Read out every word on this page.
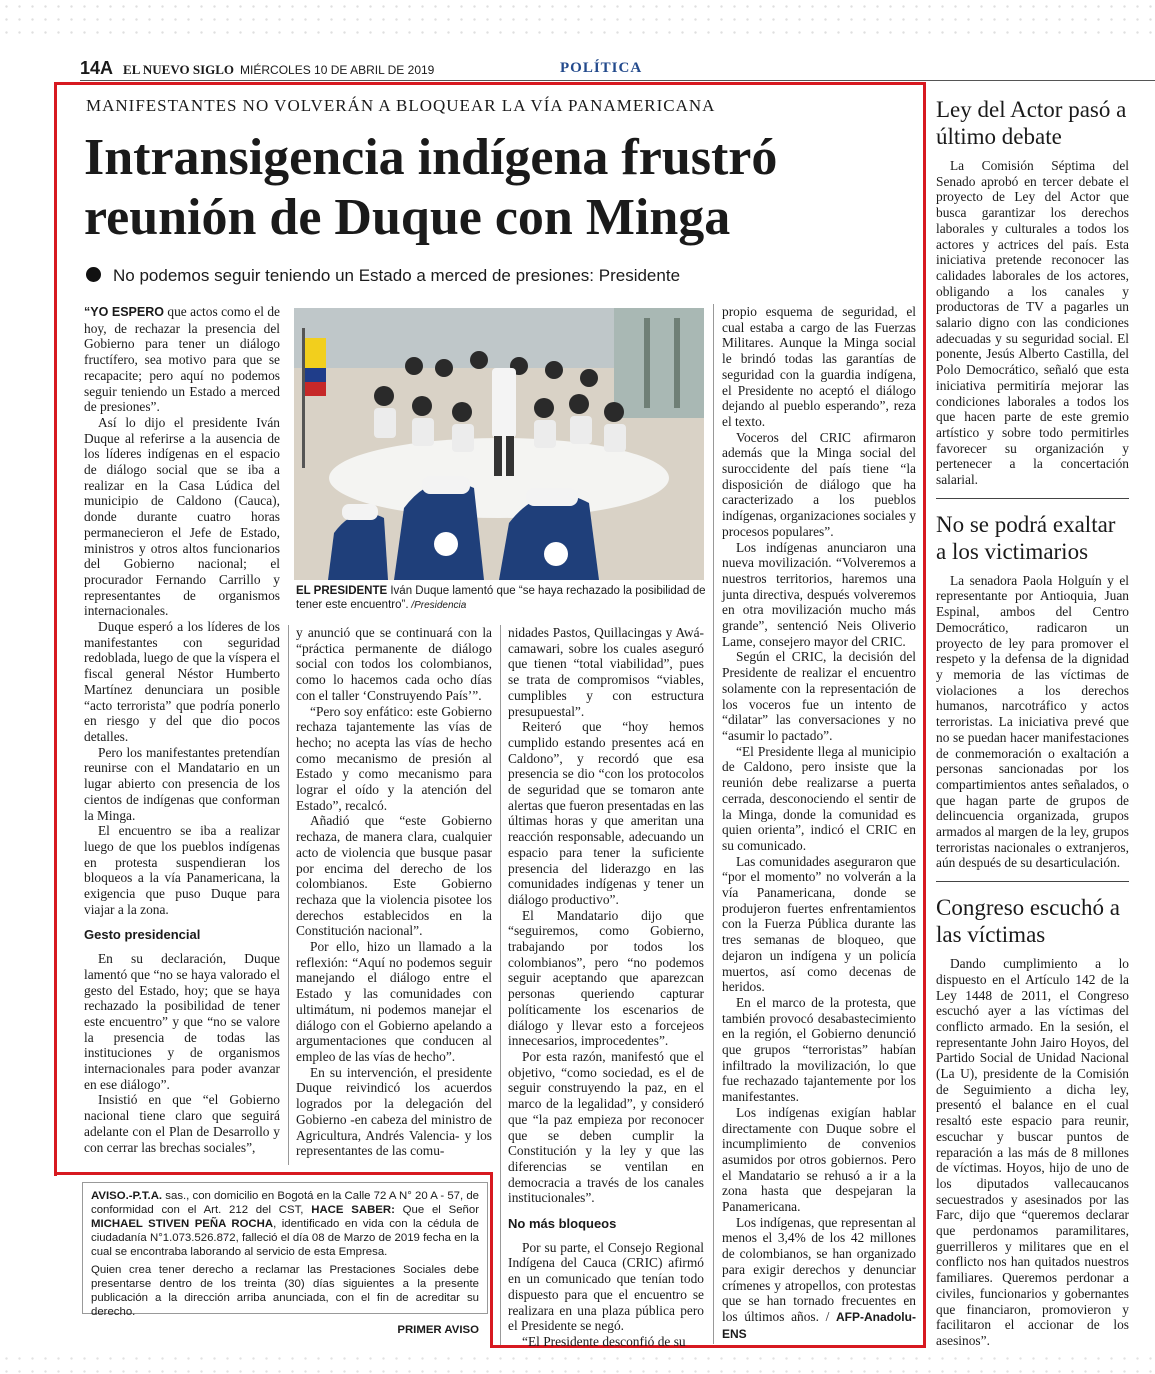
14A EL NUEVO SIGLO MIÉRCOLES 10 DE ABRIL DE 2019	POLÍTICA
MANIFESTANTES NO VOLVERÁN A BLOQUEAR LA VÍA PANAMERICANA
Intransigencia indígena frustró reunión de Duque con Minga
No podemos seguir teniendo un Estado a merced de presiones: Presidente

“YO ESPERO que actos como el de hoy, de rechazar la presencia del Gobierno para tener un diálogo fructífero, sea motivo para que se recapacite; pero aquí no podemos seguir teniendo un Estado a merced de presiones”.

Así lo dijo el presidente Iván Duque al referirse a la ausencia de los líderes indígenas en el espacio de diálogo social que se iba a realizar en la Casa Lúdica del municipio de Caldono (Cauca), donde durante cuatro horas permanecieron el Jefe de Estado, ministros y otros altos funcionarios del Gobierno nacional; el procurador Fernando Carrillo y representantes de organismos internacionales.

Duque esperó a los líderes de los manifestantes con seguridad redoblada, luego de que la víspera el fiscal general Néstor Humberto Martínez denunciara un posible “acto terrorista” que podría ponerlo en riesgo y del que dio pocos detalles.

Pero los manifestantes pretendían reunirse con el Mandatario en un lugar abierto con presencia de los cientos de indígenas que conforman la Minga.

El encuentro se iba a realizar luego de que los pueblos indígenas en protesta suspendieran los bloqueos a la vía Panamericana, la exigencia que puso Duque para viajar a la zona.

Gesto presidencial

En su declaración, Duque lamentó que “no se haya valorado el gesto del Estado, hoy; que se haya rechazado la posibilidad de tener este encuentro” y que “no se valore la presencia de todas las instituciones y de organismos internacionales para poder avanzar en ese diálogo”.

Insistió en que “el Gobierno nacional tiene claro que seguirá adelante con el Plan de Desarrollo y con cerrar las brechas sociales”,

EL PRESIDENTE Iván Duque lamentó que “se haya rechazado la posibilidad de tener este encuentro”. /Presidencia

y anunció que se continuará con la “práctica permanente de diálogo social con todos los colombianos, como lo hacemos cada ocho días con el taller ‘Construyendo País’”.

“Pero soy enfático: este Gobierno rechaza tajantemente las vías de hecho; no acepta las vías de hecho como mecanismo de presión al Estado y como mecanismo para lograr el oído y la atención del Estado”, recalcó.

Añadió que “este Gobierno rechaza, de manera clara, cualquier acto de violencia que busque pasar por encima del derecho de los colombianos. Este Gobierno rechaza que la violencia pisotee los derechos establecidos en la Constitución nacional”.

Por ello, hizo un llamado a la reflexión: “Aquí no podemos seguir manejando el diálogo entre el Estado y las comunidades con ultimátum, ni podemos manejar el diálogo con el Gobierno apelando a argumentaciones que conducen al empleo de las vías de hecho”.

En su intervención, el presidente Duque reivindicó los acuerdos logrados por la delegación del Gobierno -en cabeza del ministro de Agricultura, Andrés Valencia- y los representantes de las comu-

nidades Pastos, Quillacingas y Awá-camawari, sobre los cuales aseguró que tienen “total viabilidad”, pues se trata de compromisos “viables, cumplibles y con estructura presupuestal”.

Reiteró que “hoy hemos cumplido estando presentes acá en Caldono”, y recordó que esa presencia se dio “con los protocolos de seguridad que se tomaron ante alertas que fueron presentadas en las últimas horas y que ameritan una reacción responsable, adecuando un espacio para tener la suficiente presencia del liderazgo en las comunidades indígenas y tener un diálogo productivo”.

El Mandatario dijo que “seguiremos, como Gobierno, trabajando por todos los colombianos”, pero “no podemos seguir aceptando que aparezcan personas queriendo capturar políticamente los escenarios de diálogo y llevar esto a forcejeos innecesarios, improcedentes”.

Por esta razón, manifestó que el objetivo, “como sociedad, es el de seguir construyendo la paz, en el marco de la legalidad”, y consideró que “la paz empieza por reconocer que se deben cumplir la Constitución y la ley y que las diferencias se ventilan en democracia a través de los canales institucionales”.

No más bloqueos

Por su parte, el Consejo Regional Indígena del Cauca (CRIC) afirmó en un comunicado que tenían todo dispuesto para que el encuentro se realizara en una plaza pública pero el Presidente se negó.

“El Presidente desconfió de su

propio esquema de seguridad, el cual estaba a cargo de las Fuerzas Militares. Aunque la Minga social le brindó todas las garantías de seguridad con la guardia indígena, el Presidente no aceptó el diálogo dejando al pueblo esperando”, reza el texto.

Voceros del CRIC afirmaron además que la Minga social del suroccidente del país tiene “la disposición de diálogo que ha caracterizado a los pueblos indígenas, organizaciones sociales y procesos populares”.

Los indígenas anunciaron una nueva movilización. “Volveremos a nuestros territorios, haremos una junta directiva, después volveremos en otra movilización mucho más grande”, sentenció Neis Oliverio Lame, consejero mayor del CRIC.

Según el CRIC, la decisión del Presidente de realizar el encuentro solamente con la representación de los voceros fue un intento de “dilatar” las conversaciones y no “asumir lo pactado”.

“El Presidente llega al municipio de Caldono, pero insiste que la reunión debe realizarse a puerta cerrada, desconociendo el sentir de la Minga, donde la comunidad es quien orienta”, indicó el CRIC en su comunicado.

Las comunidades aseguraron que “por el momento” no volverán a la vía Panamericana, donde se produjeron fuertes enfrentamientos con la Fuerza Pública durante las tres semanas de bloqueo, que dejaron un indígena y un policía muertos, así como decenas de heridos.

En el marco de la protesta, que también provocó desabastecimiento en la región, el Gobierno denunció que grupos “terroristas” habían infiltrado la movilización, lo que fue rechazado tajantemente por los manifestantes.

Los indígenas exigían hablar directamente con Duque sobre el incumplimiento de convenios asumidos por otros gobiernos. Pero el Mandatario se rehusó a ir a la zona hasta que despejaran la Panamericana.

Los indígenas, que representan al menos el 3,4% de los 42 millones de colombianos, se han organizado para exigir derechos y denunciar crímenes y atropellos, con protestas que se han tornado frecuentes en los últimos años. / AFP-Anadolu-ENS

Ley del Actor pasó a último debate

La Comisión Séptima del Senado aprobó en tercer debate el proyecto de Ley del Actor que busca garantizar los derechos laborales y culturales a todos los actores y actrices del país. Esta iniciativa pretende reconocer las calidades laborales de los actores, obligando a los canales y productoras de TV a pagarles un salario digno con las condiciones adecuadas y su seguridad social. El ponente, Jesús Alberto Castilla, del Polo Democrático, señaló que esta iniciativa permitiría mejorar las condiciones laborales a todos los que hacen parte de este gremio artístico y sobre todo permitirles favorecer su organización y pertenecer a la concertación salarial.

No se podrá exaltar a los victimarios

La senadora Paola Holguín y el representante por Antioquia, Juan Espinal, ambos del Centro Democrático, radicaron un proyecto de ley para promover el respeto y la defensa de la dignidad y memoria de las víctimas de violaciones a los derechos humanos, narcotráfico y actos terroristas. La iniciativa prevé que no se puedan hacer manifestaciones de conmemoración o exaltación a personas sancionadas por los compartimientos antes señalados, o que hagan parte de grupos de delincuencia organizada, grupos armados al margen de la ley, grupos terroristas nacionales o extranjeros, aún después de su desarticulación.

Congreso escuchó a las víctimas

Dando cumplimiento a lo dispuesto en el Artículo 142 de la Ley 1448 de 2011, el Congreso escuchó ayer a las víctimas del conflicto armado. En la sesión, el representante John Jairo Hoyos, del Partido Social de Unidad Nacional (La U), presidente de la Comisión de Seguimiento a dicha ley, presentó el balance en el cual resaltó este espacio para reunir, escuchar y buscar puntos de reparación a las más de 8 millones de víctimas. Hoyos, hijo de uno de los diputados vallecaucanos secuestrados y asesinados por las Farc, dijo que “queremos declarar que perdonamos paramilitares, guerrilleros y militares que en el conflicto nos han quitados nuestros familiares. Queremos perdonar a civiles, funcionarios y gobernantes que financiaron, promovieron y facilitaron el accionar de los asesinos”.

AVISO.-P.T.A. sas., con domicilio en Bogotá en la Calle 72 A N° 20 A - 57, de conformidad con el Art. 212 del CST, HACE SABER: Que el Señor MICHAEL STIVEN PEÑA ROCHA, identificado en vida con la cédula de ciudadanía N°1.073.526.872, falleció el día 08 de Marzo de 2019 fecha en la cual se encontraba laborando al servicio de esta Empresa.

Quien crea tener derecho a reclamar las Prestaciones Sociales debe presentarse dentro de los treinta (30) días siguientes a la presente publicación a la dirección arriba anunciada, con el fin de acreditar su derecho.

PRIMER AVISO
